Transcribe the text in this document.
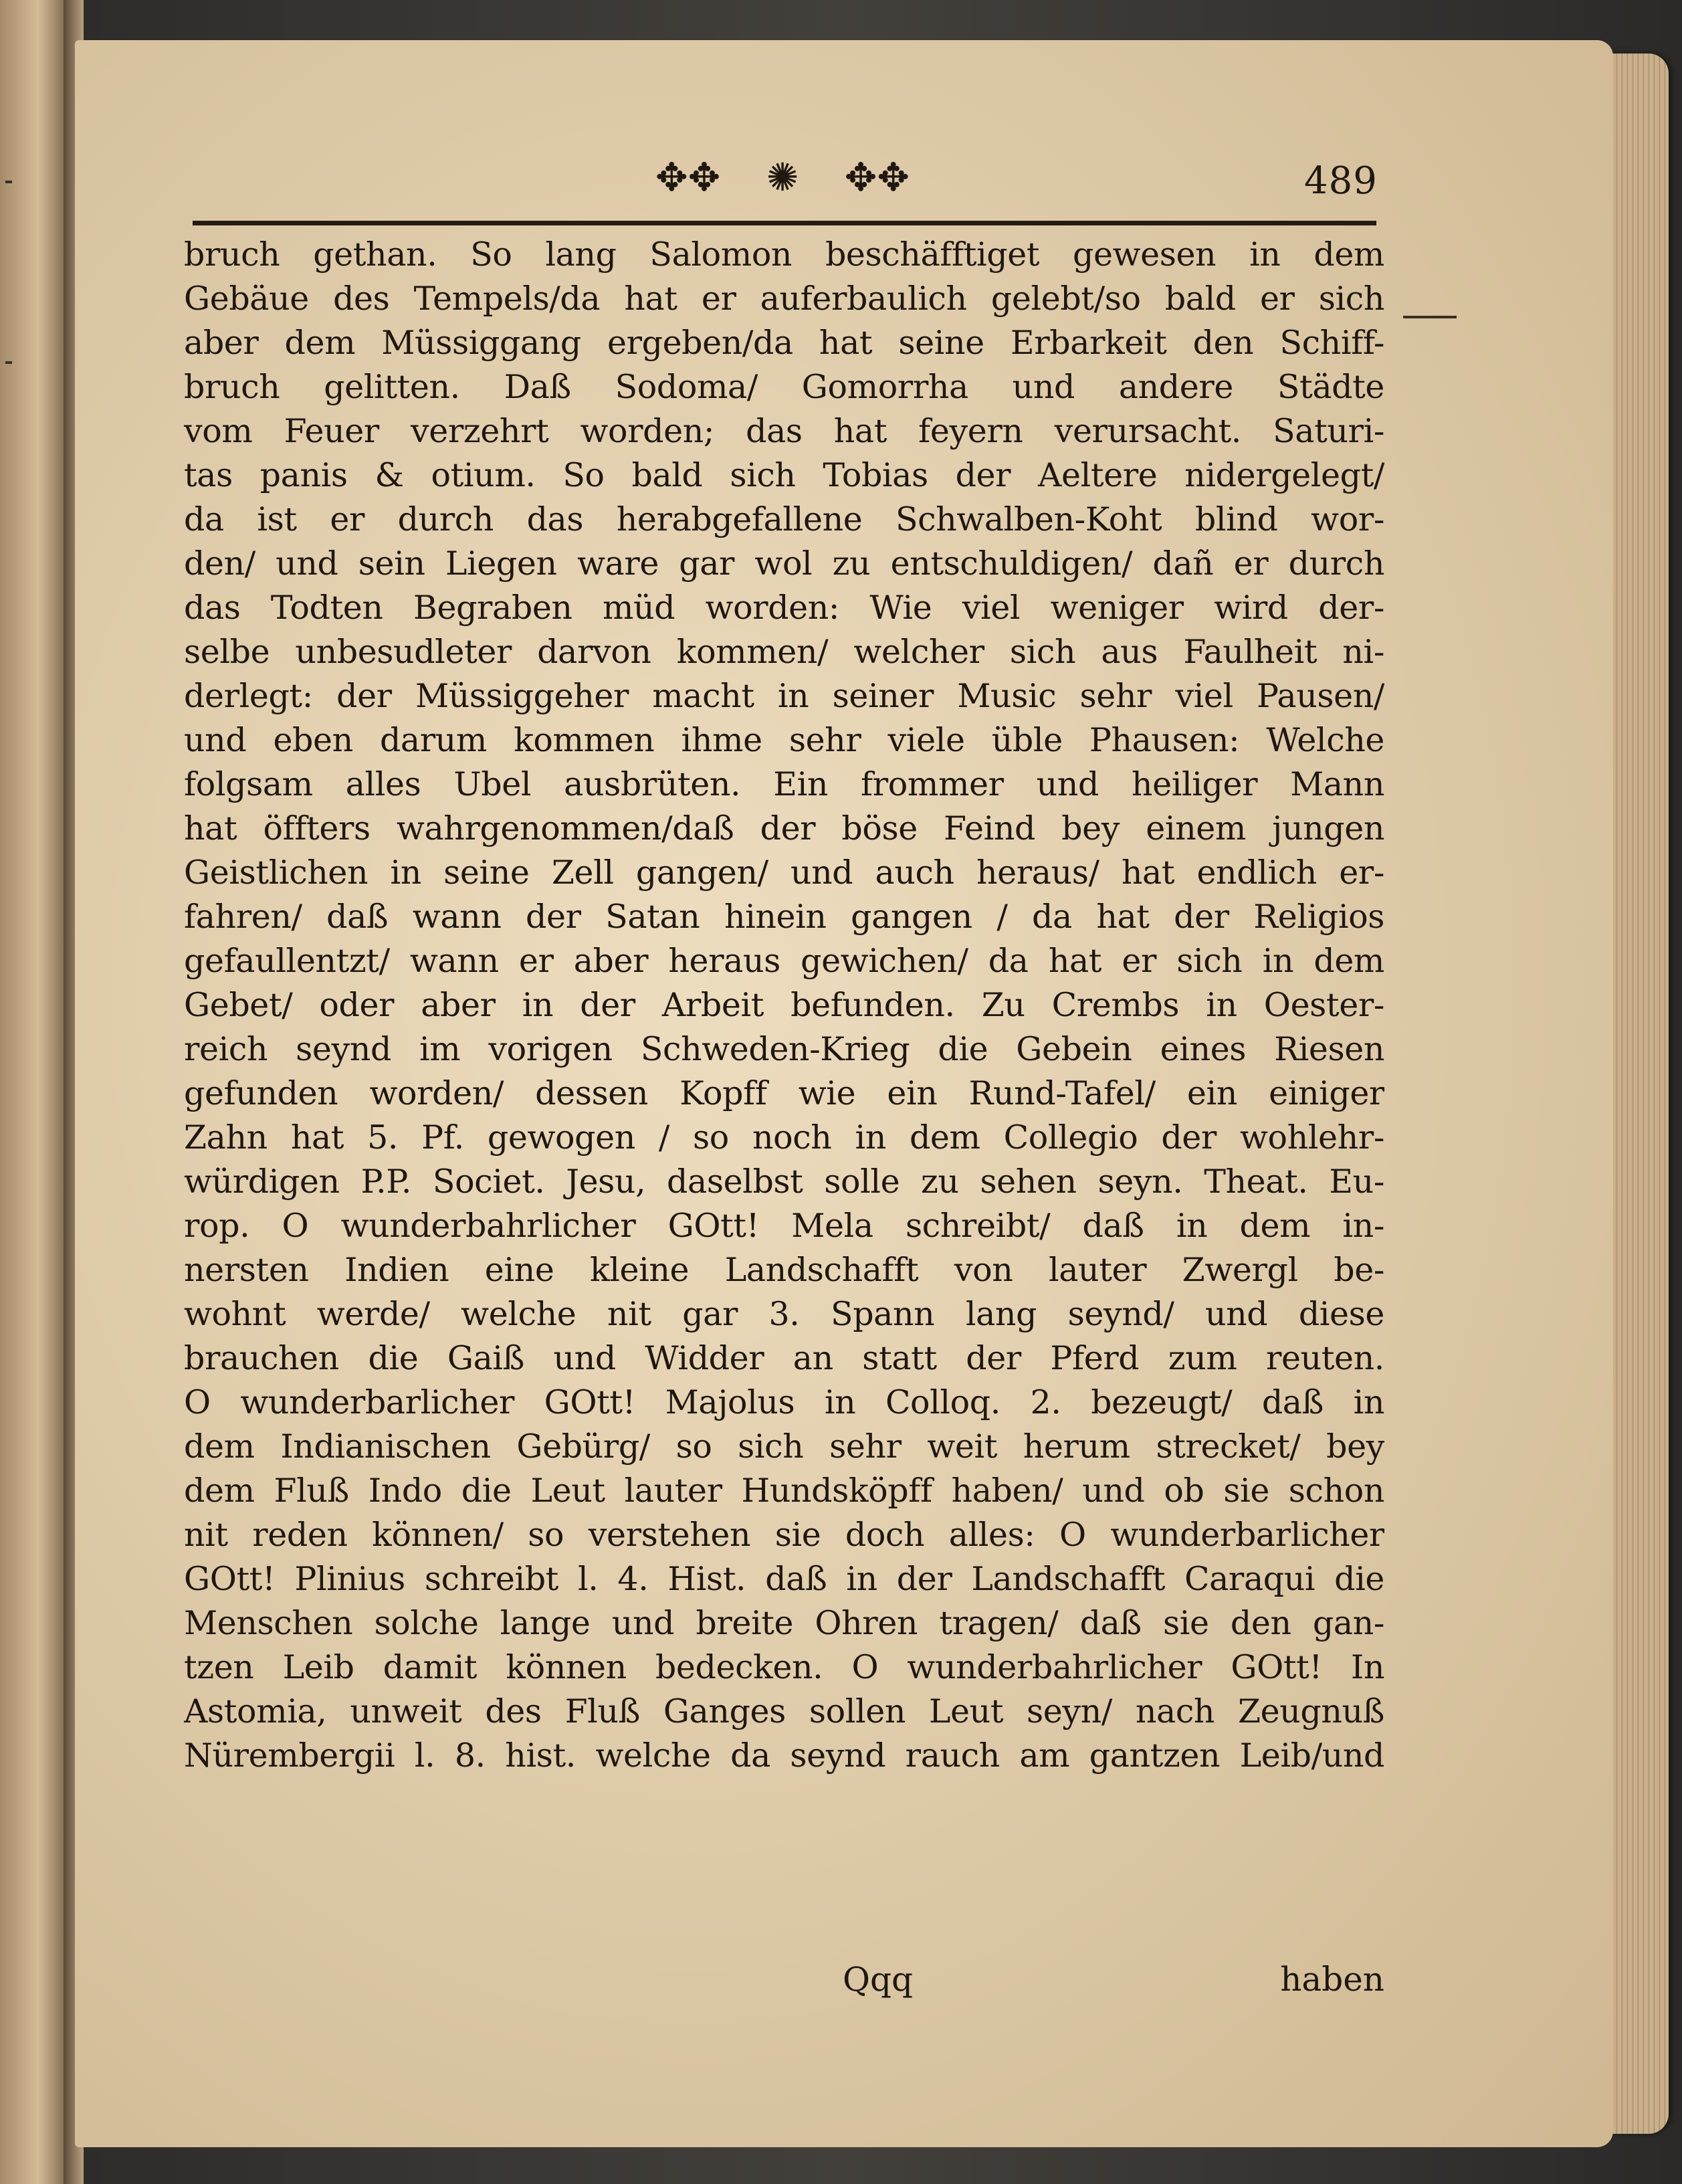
✥✥ ✺ ✥✥	489
bruch gethan. So lang Salomon beschäfftiget gewesen in dem
Gebäue des Tempels/da hat er auferbaulich gelebt/so bald er sich
aber dem Müssiggang ergeben/da hat seine Erbarkeit den Schiff-
bruch gelitten. Daß Sodoma/ Gomorrha und andere Städte
vom Feuer verzehrt worden; das hat feyern verursacht. Saturi-
tas panis & otium. So bald sich Tobias der Aeltere nidergelegt/
da ist er durch das herabgefallene Schwalben-Koht blind wor-
den/ und sein Liegen ware gar wol zu entschuldigen/ dañ er durch
das Todten Begraben müd worden: Wie viel weniger wird der-
selbe unbesudleter darvon kommen/ welcher sich aus Faulheit ni-
derlegt: der Müssiggeher macht in seiner Music sehr viel Pausen/
und eben darum kommen ihme sehr viele üble Phausen: Welche
folgsam alles Ubel ausbrüten. Ein frommer und heiliger Mann
hat öffters wahrgenommen/daß der böse Feind bey einem jungen
Geistlichen in seine Zell gangen/ und auch heraus/ hat endlich er-
fahren/ daß wann der Satan hinein gangen / da hat der Religios
gefaullentzt/ wann er aber heraus gewichen/ da hat er sich in dem
Gebet/ oder aber in der Arbeit befunden. Zu Crembs in Oester-
reich seynd im vorigen Schweden-Krieg die Gebein eines Riesen
gefunden worden/ dessen Kopff wie ein Rund-Tafel/ ein einiger
Zahn hat 5. Pf. gewogen / so noch in dem Collegio der wohlehr-
würdigen P.P. Societ. Jesu, daselbst solle zu sehen seyn. Theat. Eu-
rop. O wunderbahrlicher GOtt! Mela schreibt/ daß in dem in-
nersten Indien eine kleine Landschafft von lauter Zwergl be-
wohnt werde/ welche nit gar 3. Spann lang seynd/ und diese
brauchen die Gaiß und Widder an statt der Pferd zum reuten.
O wunderbarlicher GOtt! Majolus in Colloq. 2. bezeugt/ daß in
dem Indianischen Gebürg/ so sich sehr weit herum strecket/ bey
dem Fluß Indo die Leut lauter Hundsköpff haben/ und ob sie schon
nit reden können/ so verstehen sie doch alles: O wunderbarlicher
GOtt! Plinius schreibt l. 4. Hist. daß in der Landschafft Caraqui die
Menschen solche lange und breite Ohren tragen/ daß sie den gan-
tzen Leib damit können bedecken. O wunderbahrlicher GOtt! In
Astomia, unweit des Fluß Ganges sollen Leut seyn/ nach Zeugnuß
Nürembergii l. 8. hist. welche da seynd rauch am gantzen Leib/und
Qqq	haben
